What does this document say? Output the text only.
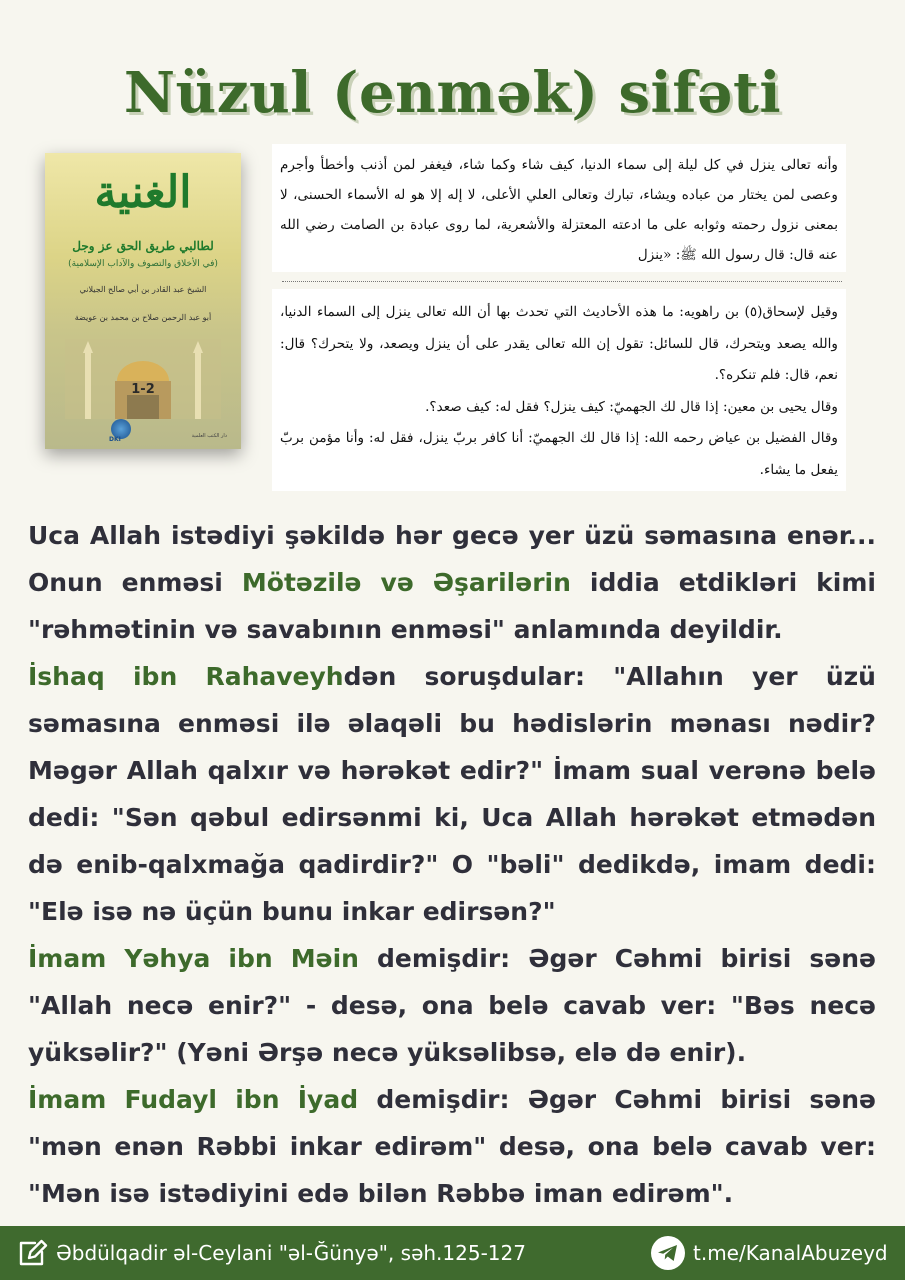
Nüzul (enmək) sifəti
الغنية
لطالبي طريق الحق عز وجل
(في الأخلاق والتصوف والآداب الإسلامية)
الشيخ عبد القادر بن أبي صالح الجيلاني
أبو عبد الرحمن صلاح بن محمد بن عويضة
1-2
DKI	دار الكتب العلمية

وأنه تعالى ينزل في كل ليلة إلى سماء الدنيا، كيف شاء وكما شاء، فيغفر لمن أذنب وأخطأ وأجرم وعصى لمن يختار من عباده ويشاء، تبارك وتعالى العلي الأعلى، لا إله إلا هو له الأسماء الحسنى، لا بمعنى نزول رحمته وثوابه على ما ادعته المعتزلة والأشعرية، لما روى عبادة بن الصامت رضي الله عنه قال: قال رسول الله ﷺ: «ينزل

وقيل لإسحاق(٥) بن راهويه: ما هذه الأحاديث التي تحدث بها أن الله تعالى ينزل إلى السماء الدنيا، والله يصعد ويتحرك، قال للسائل: تقول إن الله تعالى يقدر على أن ينزل ويصعد، ولا يتحرك؟ قال: نعم، قال: فلم تنكره؟.

وقال يحيى بن معين: إذا قال لك الجهميّ: كيف ينزل؟ فقل له: كيف صعد؟.

وقال الفضيل بن عياض رحمه الله: إذا قال لك الجهميّ: أنا كافر بربّ ينزل، فقل له: وأنا مؤمن بربّ يفعل ما يشاء.

Uca Allah istədiyi şəkildə hər gecə yer üzü səmasına enər... Onun enməsi Mötəzilə və Əşarilərin iddia etdikləri kimi "rəhmətinin və savabının enməsi" anlamında deyildir.

İshaq ibn Rahaveyhdən soruşdular: "Allahın yer üzü səmasına enməsi ilə əlaqəli bu hədislərin mənası nədir? Məgər Allah qalxır və hərəkət edir?" İmam sual verənə belə dedi: "Sən qəbul edirsənmi ki, Uca Allah hərəkət etmədən də enib-qalxmağa qadirdir?" O "bəli" dedikdə, imam dedi: "Elə isə nə üçün bunu inkar edirsən?"

İmam Yəhya ibn Məin demişdir: Əgər Cəhmi birisi sənə "Allah necə enir?" - desə, ona belə cavab ver: "Bəs necə yüksəlir?" (Yəni Ərşə necə yüksəlibsə, elə də enir).

İmam Fudayl ibn İyad demişdir: Əgər Cəhmi birisi sənə "mən enən Rəbbi inkar edirəm" desə, ona belə cavab ver: "Mən isə istədiyini edə bilən Rəbbə iman edirəm".

Əbdülqadir əl-Ceylani "əl-Ğünyə", səh.125-127	t.me/KanalAbuzeyd
